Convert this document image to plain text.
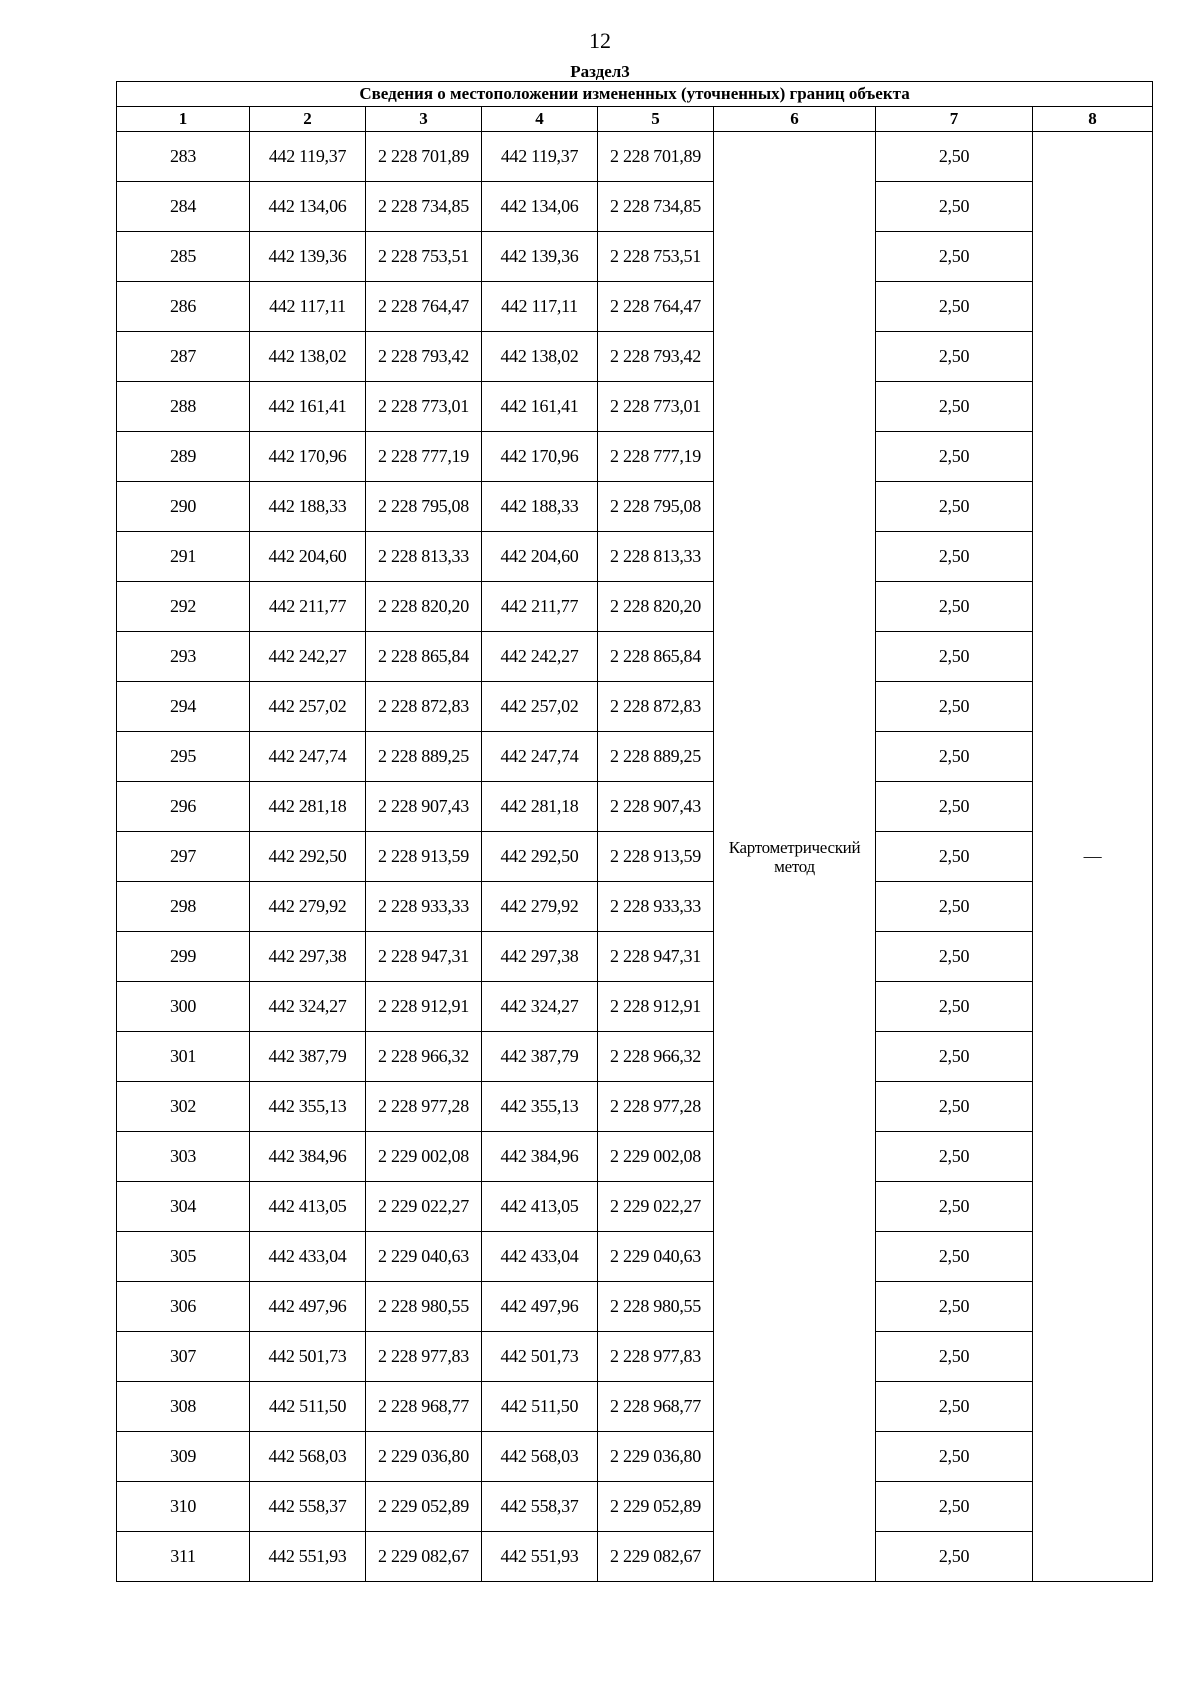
12
Раздел3
Сведения о местоположении измененных (уточненных) границ объекта							
1	2	3	4	5	6	7	8
283	442 119,37	2 228 701,89	442 119,37	2 228 701,89	Картометрический метод	2,50	—
284	442 134,06	2 228 734,85	442 134,06	2 228 734,85		2,50	
285	442 139,36	2 228 753,51	442 139,36	2 228 753,51		2,50	
286	442 117,11	2 228 764,47	442 117,11	2 228 764,47		2,50	
287	442 138,02	2 228 793,42	442 138,02	2 228 793,42		2,50	
288	442 161,41	2 228 773,01	442 161,41	2 228 773,01		2,50	
289	442 170,96	2 228 777,19	442 170,96	2 228 777,19		2,50	
290	442 188,33	2 228 795,08	442 188,33	2 228 795,08		2,50	
291	442 204,60	2 228 813,33	442 204,60	2 228 813,33		2,50	
292	442 211,77	2 228 820,20	442 211,77	2 228 820,20		2,50	
293	442 242,27	2 228 865,84	442 242,27	2 228 865,84		2,50	
294	442 257,02	2 228 872,83	442 257,02	2 228 872,83		2,50	
295	442 247,74	2 228 889,25	442 247,74	2 228 889,25		2,50	
296	442 281,18	2 228 907,43	442 281,18	2 228 907,43		2,50	
297	442 292,50	2 228 913,59	442 292,50	2 228 913,59		2,50	
298	442 279,92	2 228 933,33	442 279,92	2 228 933,33		2,50	
299	442 297,38	2 228 947,31	442 297,38	2 228 947,31		2,50	
300	442 324,27	2 228 912,91	442 324,27	2 228 912,91		2,50	
301	442 387,79	2 228 966,32	442 387,79	2 228 966,32		2,50	
302	442 355,13	2 228 977,28	442 355,13	2 228 977,28		2,50	
303	442 384,96	2 229 002,08	442 384,96	2 229 002,08		2,50	
304	442 413,05	2 229 022,27	442 413,05	2 229 022,27		2,50	
305	442 433,04	2 229 040,63	442 433,04	2 229 040,63		2,50	
306	442 497,96	2 228 980,55	442 497,96	2 228 980,55		2,50	
307	442 501,73	2 228 977,83	442 501,73	2 228 977,83		2,50	
308	442 511,50	2 228 968,77	442 511,50	2 228 968,77		2,50	
309	442 568,03	2 229 036,80	442 568,03	2 229 036,80		2,50	
310	442 558,37	2 229 052,89	442 558,37	2 229 052,89		2,50	
311	442 551,93	2 229 082,67	442 551,93	2 229 082,67		2,50	
